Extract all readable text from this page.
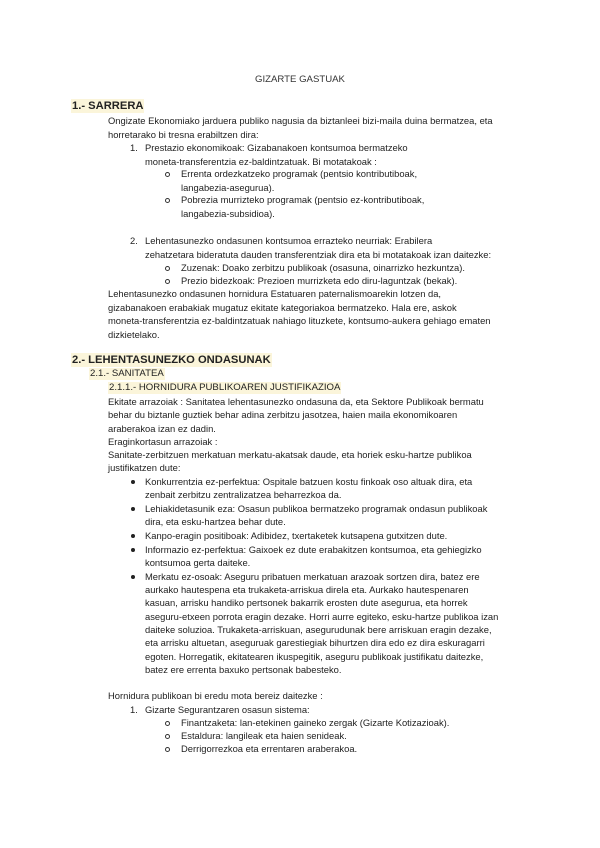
GIZARTE GASTUAK
1.- SARRERA
Ongizate Ekonomiako jarduera publiko nagusia da biztanleei bizi-maila duina bermatzea, eta
horretarako bi tresna erabiltzen dira:
1. Prestazio ekonomikoak: Gizabanakoen kontsumoa bermatzeko
moneta-transferentzia ez-baldintzatuak. Bi motatakoak :
Errenta ordezkatzeko programak (pentsio kontributiboak,
langabezia-asegurua).
Pobrezia murrizteko programak (pentsio ez-kontributiboak,
langabezia-subsidioa).
2. Lehentasunezko ondasunen kontsumoa errazteko neurriak: Erabilera
zehatzetara bideratuta dauden transferentziak dira eta bi motatakoak izan daitezke:
Zuzenak: Doako zerbitzu publikoak (osasuna, oinarrizko hezkuntza).
Prezio bidezkoak: Prezioen murrizketa edo diru-laguntzak (bekak).
Lehentasunezko ondasunen hornidura Estatuaren paternalismoarekin lotzen da,
gizabanakoen erabakiak mugatuz ekitate kategoriakoa bermatzeko. Hala ere, askok
moneta-transferentzia ez-baldintzatuak nahiago lituzkete, kontsumo-aukera gehiago ematen
dizkietelako.
2.- LEHENTASUNEZKO ONDASUNAK
2.1.- SANITATEA
2.1.1.- HORNIDURA PUBLIKOAREN JUSTIFIKAZIOA
Ekitate arrazoiak : Sanitatea lehentasunezko ondasuna da, eta Sektore Publikoak bermatu
behar du biztanle guztiek behar adina zerbitzu jasotzea, haien maila ekonomikoaren
araberakoa izan ez dadin.
Eraginkortasun arrazoiak :
Sanitate-zerbitzuen merkatuan merkatu-akatsak daude, eta horiek esku-hartze publikoa
justifikatzen dute:
Konkurrentzia ez-perfektua: Ospitale batzuen kostu finkoak oso altuak dira, eta
zenbait zerbitzu zentralizatzea beharrezkoa da.
Lehiakidetasunik eza: Osasun publikoa bermatzeko programak ondasun publikoak
dira, eta esku-hartzea behar dute.
Kanpo-eragin positiboak: Adibidez, txertaketek kutsapena gutxitzen dute.
Informazio ez-perfektua: Gaixoek ez dute erabakitzen kontsumoa, eta gehiegizko
kontsumoa gerta daiteke.
Merkatu ez-osoak: Aseguru pribatuen merkatuan arazoak sortzen dira, batez ere
aurkako hautespena eta trukaketa-arriskua direla eta. Aurkako hautespenaren
kasuan, arrisku handiko pertsonek bakarrik erosten dute asegurua, eta horrek
aseguru-etxeen porrota eragin dezake. Horri aurre egiteko, esku-hartze publikoa izan
daiteke soluzioa. Trukaketa-arriskuan, asegurudunak bere arriskuan eragin dezake,
eta arrisku altuetan, aseguruak garestiegiak bihurtzen dira edo ez dira eskuragarri
egoten. Horregatik, ekitatearen ikuspegitik, aseguru publikoak justifikatu daitezke,
batez ere errenta baxuko pertsonak babesteko.
Hornidura publikoan bi eredu mota bereiz daitezke :
1. Gizarte Segurantzaren osasun sistema:
Finantzaketa: lan-etekinen gaineko zergak (Gizarte Kotizazioak).
Estaldura: langileak eta haien senideak.
Derrigorrezkoa eta errentaren araberakoa.
